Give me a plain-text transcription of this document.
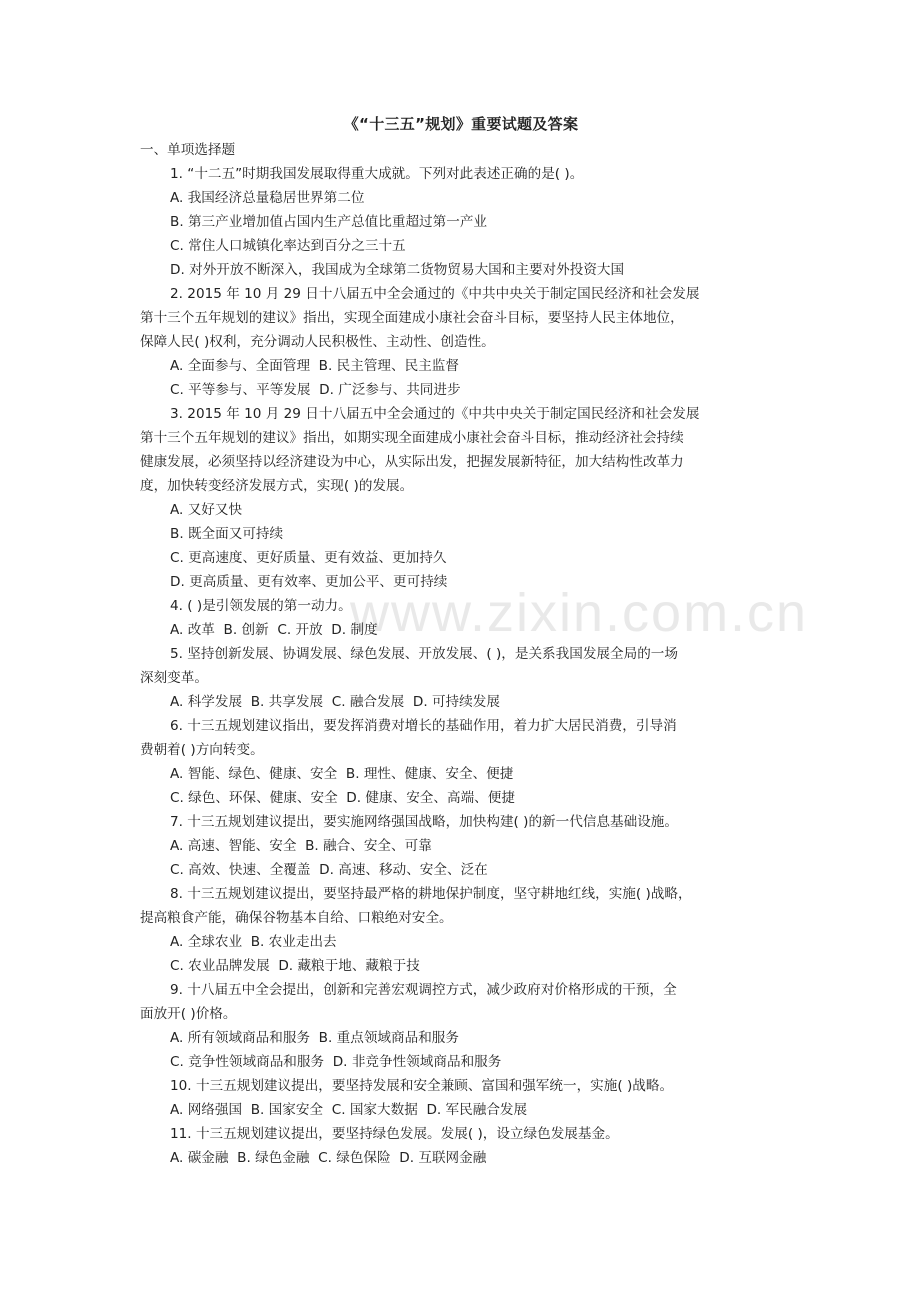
www.zixin.com.cn
《“十三五”规划》重要试题及答案
一、单项选择题
1. “十二五”时期我国发展取得重大成就。下列对此表述正确的是( )。
A. 我国经济总量稳居世界第二位
B. 第三产业增加值占国内生产总值比重超过第一产业
C. 常住人口城镇化率达到百分之三十五
D. 对外开放不断深入，我国成为全球第二货物贸易大国和主要对外投资大国
2. 2015 年 10 月 29 日十八届五中全会通过的《中共中央关于制定国民经济和社会发展
第十三个五年规划的建议》指出，实现全面建成小康社会奋斗目标，要坚持人民主体地位，
保障人民( )权利，充分调动人民积极性、主动性、创造性。
A. 全面参与、全面管理  B. 民主管理、民主监督
C. 平等参与、平等发展  D. 广泛参与、共同进步
3. 2015 年 10 月 29 日十八届五中全会通过的《中共中央关于制定国民经济和社会发展
第十三个五年规划的建议》指出，如期实现全面建成小康社会奋斗目标，推动经济社会持续
健康发展，必须坚持以经济建设为中心，从实际出发，把握发展新特征，加大结构性改革力
度，加快转变经济发展方式，实现( )的发展。
A. 又好又快
B. 既全面又可持续
C. 更高速度、更好质量、更有效益、更加持久
D. 更高质量、更有效率、更加公平、更可持续
4. ( )是引领发展的第一动力。
A. 改革  B. 创新  C. 开放  D. 制度
5. 坚持创新发展、协调发展、绿色发展、开放发展、( )，是关系我国发展全局的一场
深刻变革。
A. 科学发展  B. 共享发展  C. 融合发展  D. 可持续发展
6. 十三五规划建议指出，要发挥消费对增长的基础作用，着力扩大居民消费，引导消
费朝着( )方向转变。
A. 智能、绿色、健康、安全  B. 理性、健康、安全、便捷
C. 绿色、环保、健康、安全  D. 健康、安全、高端、便捷
7. 十三五规划建议提出，要实施网络强国战略，加快构建( )的新一代信息基础设施。
A. 高速、智能、安全  B. 融合、安全、可靠
C. 高效、快速、全覆盖  D. 高速、移动、安全、泛在
8. 十三五规划建议提出，要坚持最严格的耕地保护制度，坚守耕地红线，实施( )战略，
提高粮食产能，确保谷物基本自给、口粮绝对安全。
A. 全球农业  B. 农业走出去
C. 农业品牌发展  D. 藏粮于地、藏粮于技
9. 十八届五中全会提出，创新和完善宏观调控方式，减少政府对价格形成的干预，全
面放开( )价格。
A. 所有领域商品和服务  B. 重点领域商品和服务
C. 竞争性领域商品和服务  D. 非竞争性领域商品和服务
10. 十三五规划建议提出，要坚持发展和安全兼顾、富国和强军统一，实施( )战略。
A. 网络强国  B. 国家安全  C. 国家大数据  D. 军民融合发展
11. 十三五规划建议提出，要坚持绿色发展。发展( )，设立绿色发展基金。
A. 碳金融  B. 绿色金融  C. 绿色保险  D. 互联网金融
